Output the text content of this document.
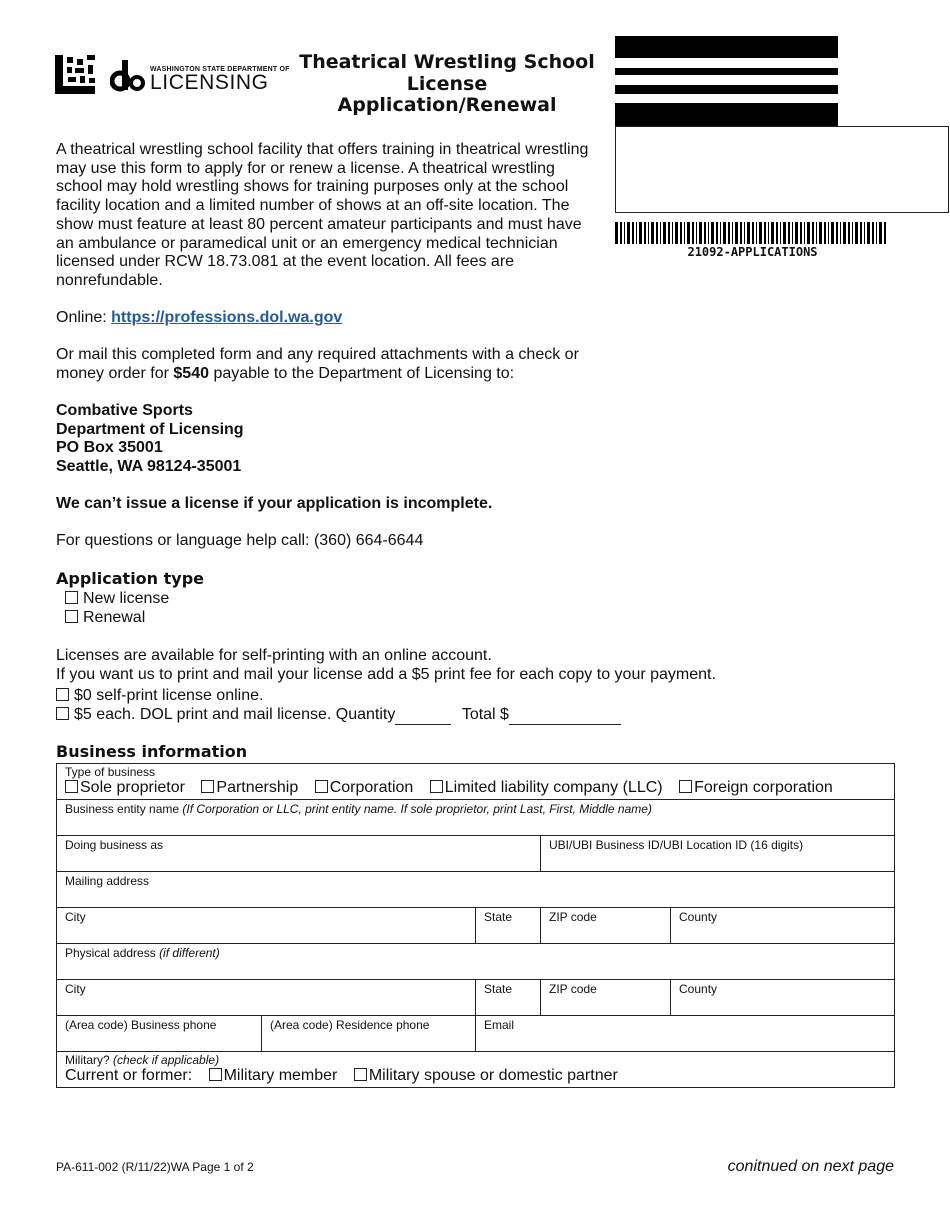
WASHINGTON STATE DEPARTMENT OF
LICENSING
Theatrical Wrestling School
License
Application/Renewal
21092-APPLICATIONS

A theatrical wrestling school facility that offers training in theatrical wrestling may use this form to apply for or renew a license. A theatrical wrestling school may hold wrestling shows for training purposes only at the school facility location and a limited number of shows at an off-site location. The show must feature at least 80 percent amateur participants and must have an ambulance or paramedical unit or an emergency medical technician licensed under RCW 18.73.081 at the event location. All fees are nonrefundable.

Online: https://professions.dol.wa.gov
Or mail this completed form and any required attachments with a check or money order for $540 payable to the Department of Licensing to:
Combative Sports
Department of Licensing
PO Box 35001
Seattle, WA 98124-35001
We can’t issue a license if your application is incomplete.
For questions or language help call: (360) 664-6644
Application type
New license
Renewal
Licenses are available for self-printing with an online account.
If you want us to print and mail your license add a $5 print fee for each copy to your payment.
$0 self-print license online.
$5 each. DOL print and mail license. Quantity	Total $
Business information
Type of business
Sole proprietor Partnership Corporation Limited liability company (LLC) Foreign corporation				

Business entity name (If Corporation or LLC, print entity name. If sole proprietor, print Last, First, Middle name)				
Doing business as			UBI/UBI Business ID/UBI Location ID (16 digits)	
Mailing address				
City		State	ZIP code	County
Physical address (if different)				
City		State	ZIP code	County
(Area code) Business phone	(Area code) Residence phone	Email		

Military? (check if applicable)
Current or former: Military member Military spouse or domestic partner				
PA-611-002 (R/11/22)WA Page 1 of 2	conitnued on next page
